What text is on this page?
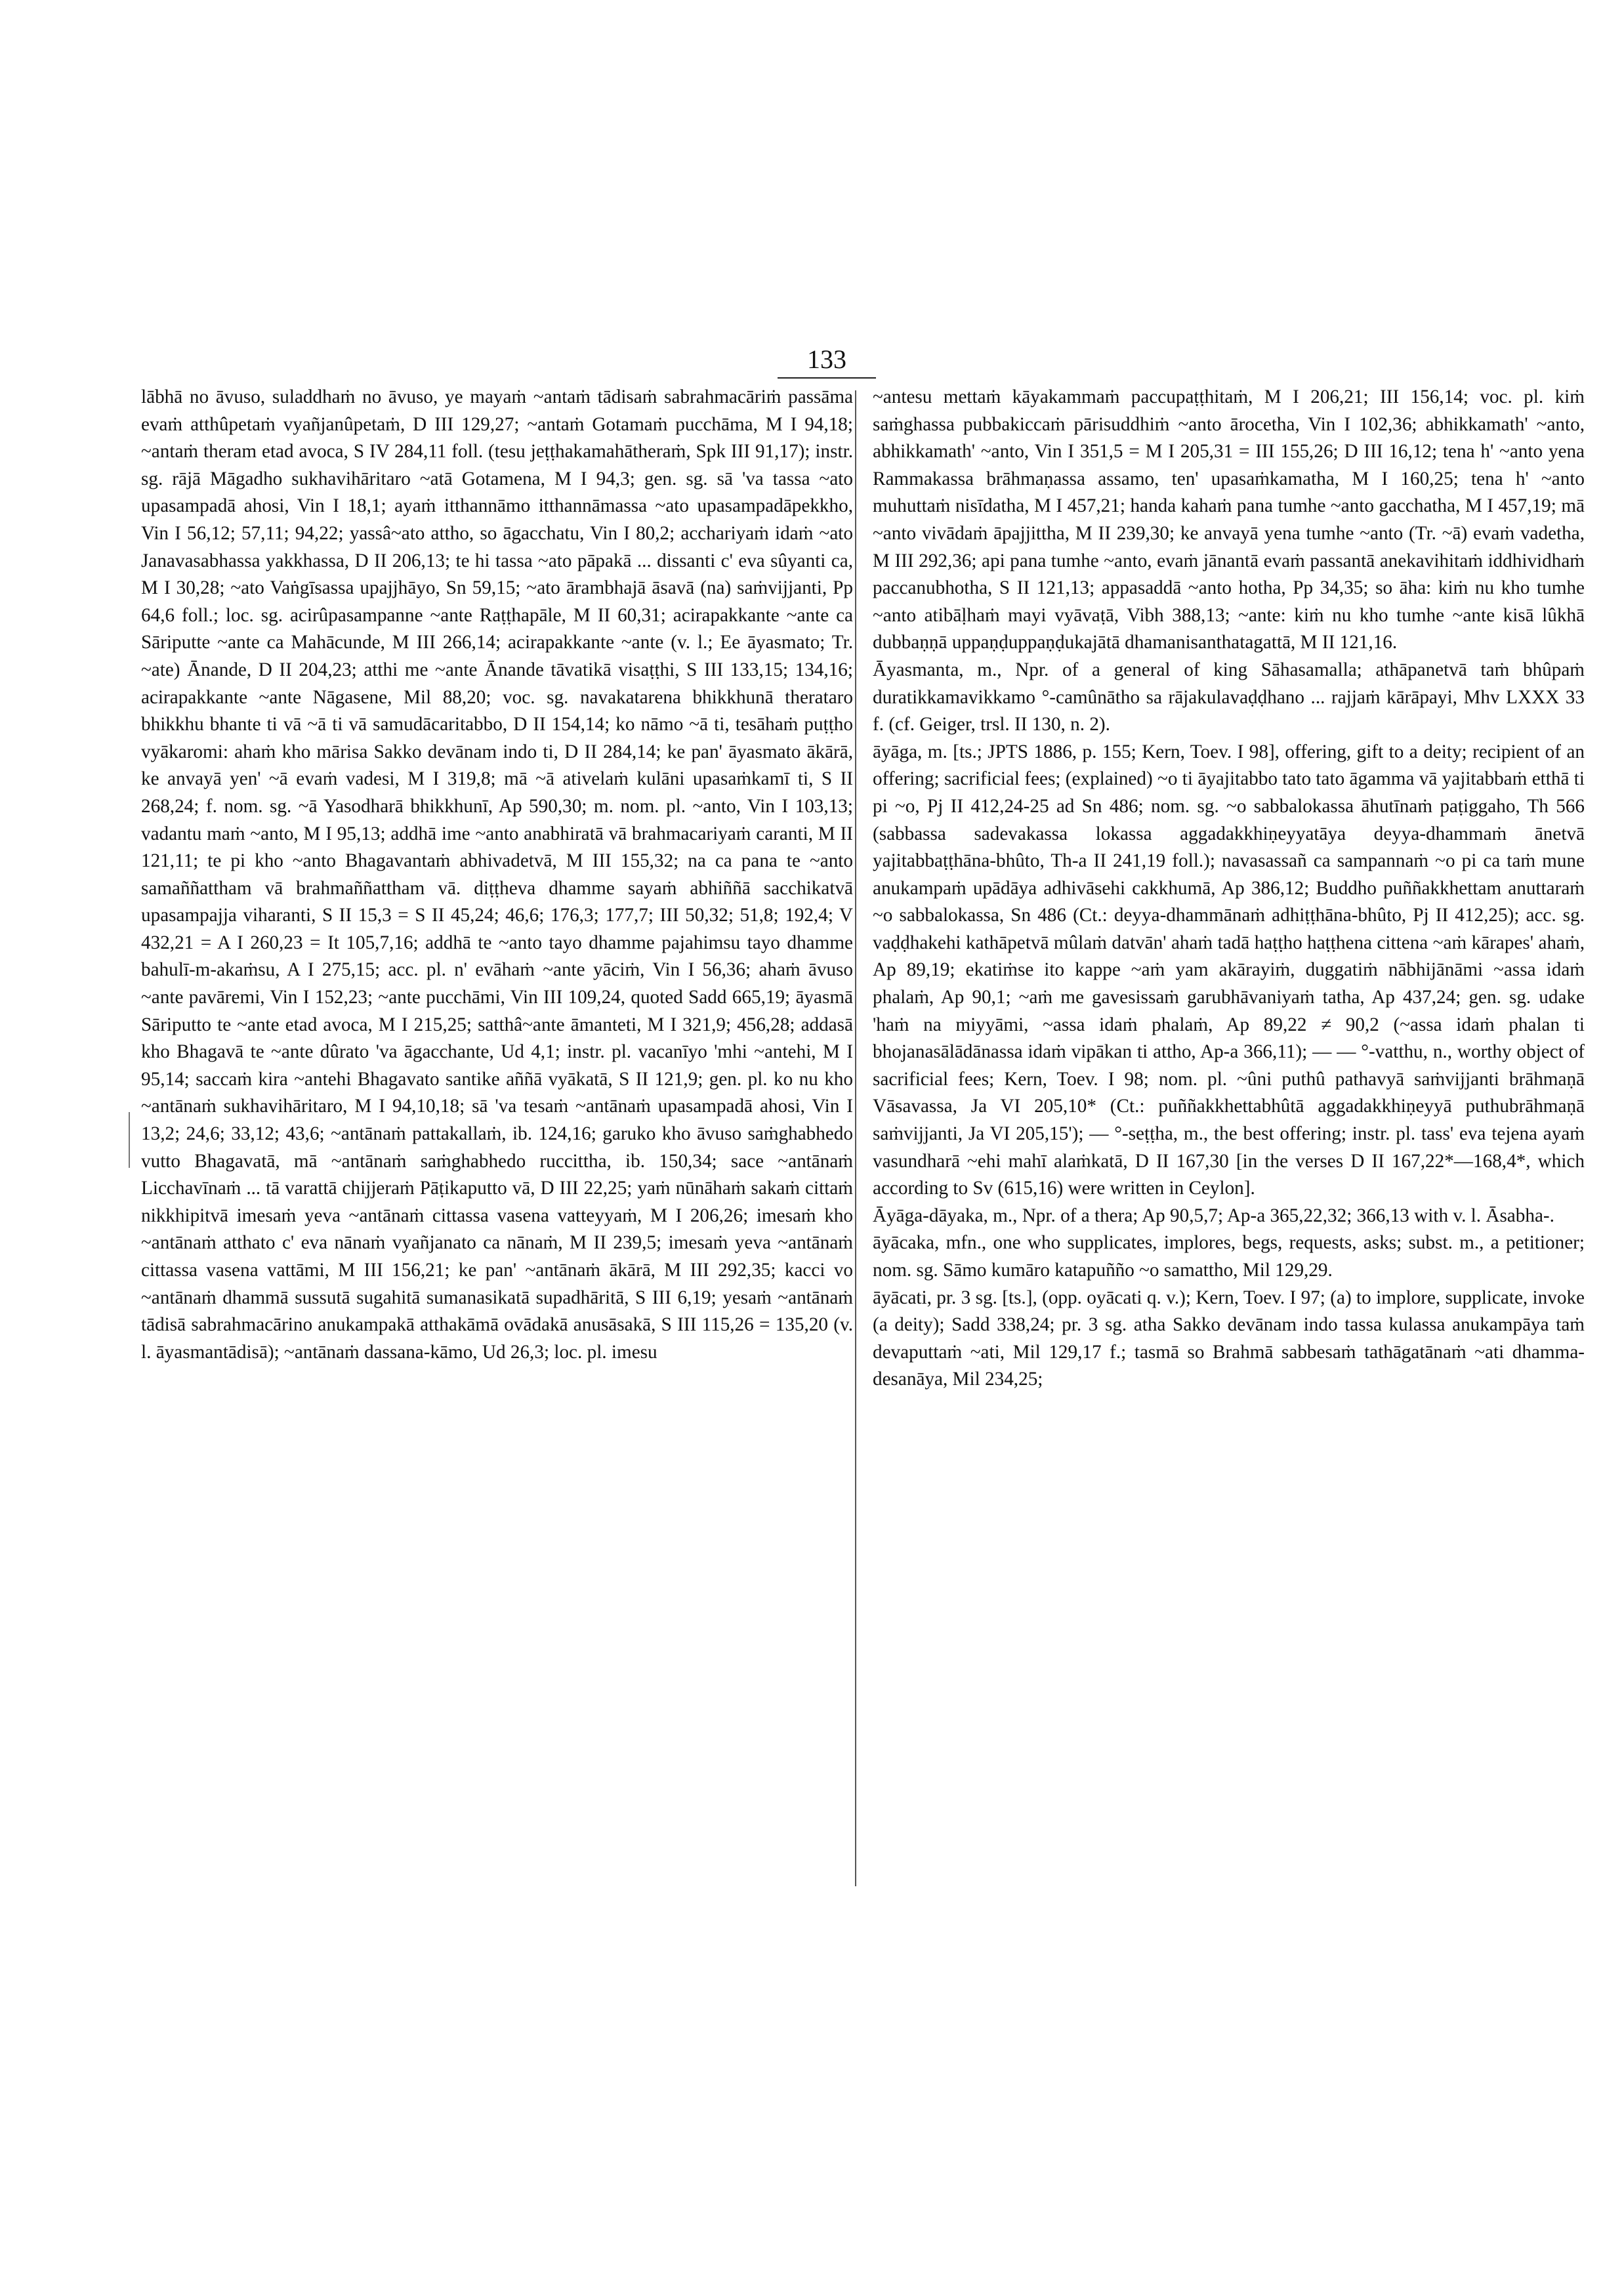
133

lābhā no āvuso, suladdhaṁ no āvuso, ye mayaṁ ~antaṁ tādisaṁ sabrahmacāriṁ passāma evaṁ atthûpetaṁ vyañjanûpetaṁ, D III 129,27; ~antaṁ Gotamaṁ pucchāma, M I 94,18; ~antaṁ theram etad avoca, S IV 284,11 foll. (tesu jeṭṭhakamahātheraṁ, Spk III 91,17); instr. sg. rājā Māgadho sukhavihāritaro ~atā Gotamena, M I 94,3; gen. sg. sā 'va tassa ~ato upasampadā ahosi, Vin I 18,1; ayaṁ itthannāmo itthannāmassa ~ato upasampadāpekkho, Vin I 56,12; 57,11; 94,22; yassâ~ato attho, so āgacchatu, Vin I 80,2; acchariyaṁ idaṁ ~ato Janavasabhassa yakkhassa, D II 206,13; te hi tassa ~ato pāpakā ... dissanti c' eva sûyanti ca, M I 30,28; ~ato Vaṅgīsassa upajjhāyo, Sn 59,15; ~ato ārambhajā āsavā (na) saṁvijjanti, Pp 64,6 foll.; loc. sg. acirûpasampanne ~ante Raṭṭhapāle, M II 60,31; acirapakkante ~ante ca Sāriputte ~ante ca Mahācunde, M III 266,14; acirapakkante ~ante (v. l.; Ee āyasmato; Tr. ~ate) Ānande, D II 204,23; atthi me ~ante Ānande tāvatikā visaṭṭhi, S III 133,15; 134,16; acirapakkante ~ante Nāgasene, Mil 88,20; voc. sg. navakatarena bhikkhunā therataro bhikkhu bhante ti vā ~ā ti vā samudācaritabbo, D II 154,14; ko nāmo ~ā ti, tesāhaṁ puṭṭho vyākaromi: ahaṁ kho mārisa Sakko devānam indo ti, D II 284,14; ke pan' āyasmato ākārā, ke anvayā yen' ~ā evaṁ vadesi, M I 319,8; mā ~ā ativelaṁ kulāni upasaṁkamī ti, S II 268,24; f. nom. sg. ~ā Yasodharā bhikkhunī, Ap 590,30; m. nom. pl. ~anto, Vin I 103,13; vadantu maṁ ~anto, M I 95,13; addhā ime ~anto anabhiratā vā brahmacariyaṁ caranti, M II 121,11; te pi kho ~anto Bhagavantaṁ abhivadetvā, M III 155,32; na ca pana te ~anto samaññattham vā brahmaññattham vā. diṭṭheva dhamme sayaṁ abhiññā sacchikatvā upasampajja viharanti, S II 15,3 = S II 45,24; 46,6; 176,3; 177,7; III 50,32; 51,8; 192,4; V 432,21 = A I 260,23 = It 105,7,16; addhā te ~anto tayo dhamme pajahimsu tayo dhamme bahulī-m-akaṁsu, A I 275,15; acc. pl. n' evāhaṁ ~ante yāciṁ, Vin I 56,36; ahaṁ āvuso ~ante pavāremi, Vin I 152,23; ~ante pucchāmi, Vin III 109,24, quoted Sadd 665,19; āyasmā Sāriputto te ~ante etad avoca, M I 215,25; satthâ~ante āmanteti, M I 321,9; 456,28; addasā kho Bhagavā te ~ante dûrato 'va āgacchante, Ud 4,1; instr. pl. vacanīyo 'mhi ~antehi, M I 95,14; saccaṁ kira ~antehi Bhagavato santike aññā vyākatā, S II 121,9; gen. pl. ko nu kho ~antānaṁ sukhavihāritaro, M I 94,10,18; sā 'va tesaṁ ~antānaṁ upasampadā ahosi, Vin I 13,2; 24,6; 33,12; 43,6; ~antānaṁ pattakallaṁ, ib. 124,16; garuko kho āvuso saṁghabhedo vutto Bhagavatā, mā ~antānaṁ saṁghabhedo ruccittha, ib. 150,34; sace ~antānaṁ Licchavīnaṁ ... tā varattā chijjeraṁ Pāṭikaputto vā, D III 22,25; yaṁ nūnāhaṁ sakaṁ cittaṁ nikkhipitvā imesaṁ yeva ~antānaṁ cittassa vasena vatteyyaṁ, M I 206,26; imesaṁ kho ~antānaṁ atthato c' eva nānaṁ vyañjanato ca nānaṁ, M II 239,5; imesaṁ yeva ~antānaṁ cittassa vasena vattāmi, M III 156,21; ke pan' ~antānaṁ ākārā, M III 292,35; kacci vo ~antānaṁ dhammā sussutā sugahitā sumanasikatā supadhāritā, S III 6,19; yesaṁ ~antānaṁ tādisā sabrahmacārino anukampakā atthakāmā ovādakā anusāsakā, S III 115,26 = 135,20 (v. l. āyasmantādisā); ~antānaṁ dassana-kāmo, Ud 26,3; loc. pl. imesu

~antesu mettaṁ kāyakammaṁ paccupaṭṭhitaṁ, M I 206,21; III 156,14; voc. pl. kiṁ saṁghassa pubbakiccaṁ pārisuddhiṁ ~anto ārocetha, Vin I 102,36; abhikkamath' ~anto, abhikkamath' ~anto, Vin I 351,5 = M I 205,31 = III 155,26; D III 16,12; tena h' ~anto yena Rammakassa brāhmaṇassa assamo, ten' upasaṁkamatha, M I 160,25; tena h' ~anto muhuttaṁ nisīdatha, M I 457,21; handa kahaṁ pana tumhe ~anto gacchatha, M I 457,19; mā ~anto vivādaṁ āpajjittha, M II 239,30; ke anvayā yena tumhe ~anto (Tr. ~ā) evaṁ vadetha, M III 292,36; api pana tumhe ~anto, evaṁ jānantā evaṁ passantā anekavihitaṁ iddhividhaṁ paccanubhotha, S II 121,13; appasaddā ~anto hotha, Pp 34,35; so āha: kiṁ nu kho tumhe ~anto atibāḷhaṁ mayi vyāvaṭā, Vibh 388,13; ~ante: kiṁ nu kho tumhe ~ante kisā lûkhā dubbaṇṇā uppaṇḍuppaṇḍukajātā dhamanisanthatagattā, M II 121,16.

Āyasmanta, m., Npr. of a general of king Sāhasamalla; athāpanetvā taṁ bhûpaṁ duratikkamavikkamo °-camûnātho sa rājakulavaḍḍhano ... rajjaṁ kārāpayi, Mhv LXXX 33 f. (cf. Geiger, trsl. II 130, n. 2).

āyāga, m. [ts.; JPTS 1886, p. 155; Kern, Toev. I 98], offering, gift to a deity; recipient of an offering; sacrificial fees; (explained) ~o ti āyajitabbo tato tato āgamma vā yajitabbaṁ etthā ti pi ~o, Pj II 412,24-25 ad Sn 486; nom. sg. ~o sabbalokassa āhutīnaṁ paṭiggaho, Th 566 (sabbassa sadevakassa lokassa aggadakkhiṇeyyatāya deyya-dhammaṁ ānetvā yajitabbaṭṭhāna-bhûto, Th-a II 241,19 foll.); navasassañ ca sampannaṁ ~o pi ca taṁ mune anukampaṁ upādāya adhivāsehi cakkhumā, Ap 386,12; Buddho puññakkhettam anuttaraṁ ~o sabbalokassa, Sn 486 (Ct.: deyya-dhammānaṁ adhiṭṭhāna-bhûto, Pj II 412,25); acc. sg. vaḍḍhakehi kathāpetvā mûlaṁ datvān' ahaṁ tadā haṭṭho haṭṭhena cittena ~aṁ kārapes' ahaṁ, Ap 89,19; ekatiṁse ito kappe ~aṁ yam akārayiṁ, duggatiṁ nābhijānāmi ~assa idaṁ phalaṁ, Ap 90,1; ~aṁ me gavesissaṁ garubhāvaniyaṁ tatha, Ap 437,24; gen. sg. udake 'haṁ na miyyāmi, ~assa idaṁ phalaṁ, Ap 89,22 ≠ 90,2 (~assa idaṁ phalan ti bhojanasālādānassa idaṁ vipākan ti attho, Ap-a 366,11); — — °-vatthu, n., worthy object of sacrificial fees; Kern, Toev. I 98; nom. pl. ~ûni puthû pathavyā saṁvijjanti brāhmaṇā Vāsavassa, Ja VI 205,10* (Ct.: puññakkhettabhûtā aggadakkhiṇeyyā puthubrāhmaṇā saṁvijjanti, Ja VI 205,15'); — °-seṭṭha, m., the best offering; instr. pl. tass' eva tejena ayaṁ vasundharā ~ehi mahī alaṁkatā, D II 167,30 [in the verses D II 167,22*—168,4*, which according to Sv (615,16) were written in Ceylon].

Āyāga-dāyaka, m., Npr. of a thera; Ap 90,5,7; Ap-a 365,22,32; 366,13 with v. l. Āsabha-.

āyācaka, mfn., one who supplicates, implores, begs, requests, asks; subst. m., a petitioner; nom. sg. Sāmo kumāro katapuñño ~o samattho, Mil 129,29.

āyācati, pr. 3 sg. [ts.], (opp. oyācati q. v.); Kern, Toev. I 97; (a) to implore, supplicate, invoke (a deity); Sadd 338,24; pr. 3 sg. atha Sakko devānam indo tassa kulassa anukampāya taṁ devaputtaṁ ~ati, Mil 129,17 f.; tasmā so Brahmā sabbesaṁ tathāgatānaṁ ~ati dhamma-desanāya, Mil 234,25;
